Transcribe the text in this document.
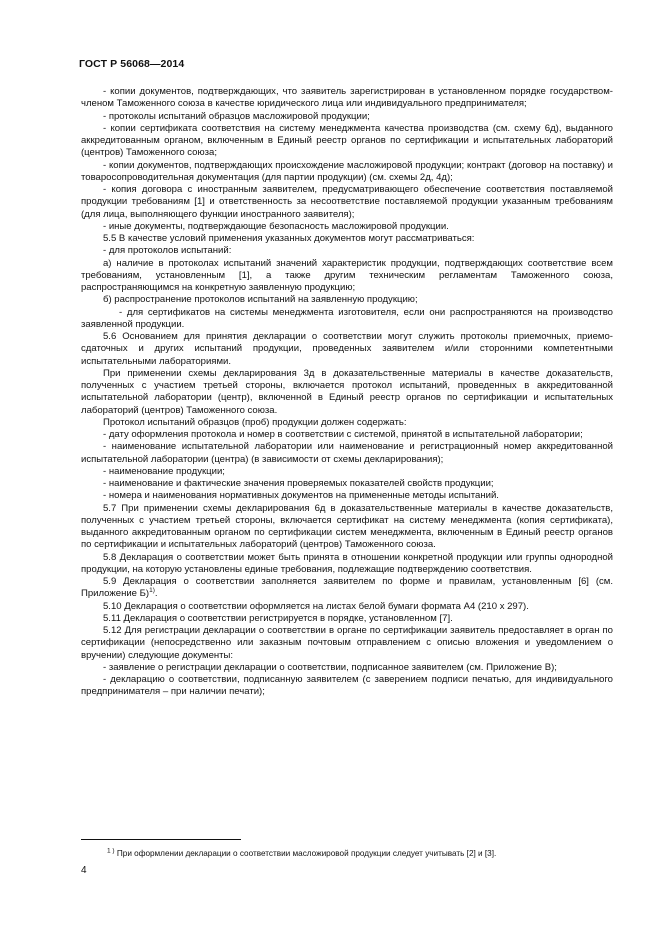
ГОСТ Р 56068—2014

- копии документов, подтверждающих, что заявитель зарегистрирован в установленном порядке государством-членом Таможенного союза в качестве юридического лица или индивидуального предпринимателя;

- протоколы испытаний образцов масложировой продукции;

- копии сертификата соответствия на систему менеджмента качества производства (см. схему 6д), выданного аккредитованным органом, включенным в Единый реестр органов по сертификации и испытательных лабораторий (центров) Таможенного союза;

- копии документов, подтверждающих происхождение масложировой продукции; контракт (договор на поставку) и товаросопроводительная документация (для партии продукции) (см. схемы 2д, 4д);

- копия договора с иностранным заявителем, предусматривающего обеспечение соответствия поставляемой продукции требованиям [1] и ответственность за несоответствие поставляемой продукции указанным требованиям (для лица, выполняющего функции иностранного заявителя);

- иные документы, подтверждающие безопасность масложировой продукции.

5.5 В качестве условий применения указанных документов могут рассматриваться:

- для протоколов испытаний:

а) наличие в протоколах испытаний значений характеристик продукции, подтверждающих соответствие всем требованиям, установленным [1], а также другим техническим регламентам Таможенного союза, распространяющимся на конкретную заявленную продукцию;

б) распространение протоколов испытаний на заявленную продукцию;

- для сертификатов на системы менеджмента изготовителя, если они распространяются на производство заявленной продукции.

5.6 Основанием для принятия декларации о соответствии могут служить протоколы приемочных, приемо-сдаточных и других испытаний продукции, проведенных заявителем и/или сторонними компетентными испытательными лабораториями.

При применении схемы декларирования 3д в доказательственные материалы в качестве доказательств, полученных с участием третьей стороны, включается протокол испытаний, проведенных в аккредитованной испытательной лаборатории (центр), включенной в Единый реестр органов по сертификации и испытательных лабораторий (центров) Таможенного союза.

Протокол испытаний образцов (проб) продукции должен содержать:

- дату оформления протокола и номер в соответствии с системой, принятой в испытательной лаборатории;

- наименование испытательной лаборатории или наименование и регистрационный номер аккредитованной испытательной лаборатории (центра) (в зависимости от схемы декларирования);

- наименование продукции;

- наименование и фактические значения проверяемых показателей свойств продукции;

- номера и наименования нормативных документов на примененные методы испытаний.

5.7 При применении схемы декларирования 6д в доказательственные материалы в качестве доказательств, полученных с участием третьей стороны, включается сертификат на систему менеджмента (копия сертификата), выданного аккредитованным органом по сертификации систем менеджмента, включенным в Единый реестр органов по сертификации и испытательных лабораторий (центров) Таможенного союза.

5.8 Декларация о соответствии может быть принята в отношении конкретной продукции или группы однородной продукции, на которую установлены единые требования, подлежащие подтверждению соответствия.

5.9 Декларация о соответствии заполняется заявителем по форме и правилам, установленным [6] (см. Приложение Б)$^{1)}$.

5.10 Декларация о соответствии оформляется на листах белой бумаги формата А4 (210 x 297).

5.11 Декларация о соответствии регистрируется в порядке, установленном [7].

5.12 Для регистрации декларации о соответствии в органе по сертификации заявитель предоставляет в орган по сертификации (непосредственно или заказным почтовым отправлением с описью вложения и уведомлением о вручении) следующие документы:

- заявление о регистрации декларации о соответствии, подписанное заявителем (см. Приложение В);

- декларацию о соответствии, подписанную заявителем (с заверением подписи печатью, для индивидуального предпринимателя – при наличии печати);

$^{1 )}$ При оформлении декларации о соответствии масложировой продукции следует учитывать [2] и [3].
4
